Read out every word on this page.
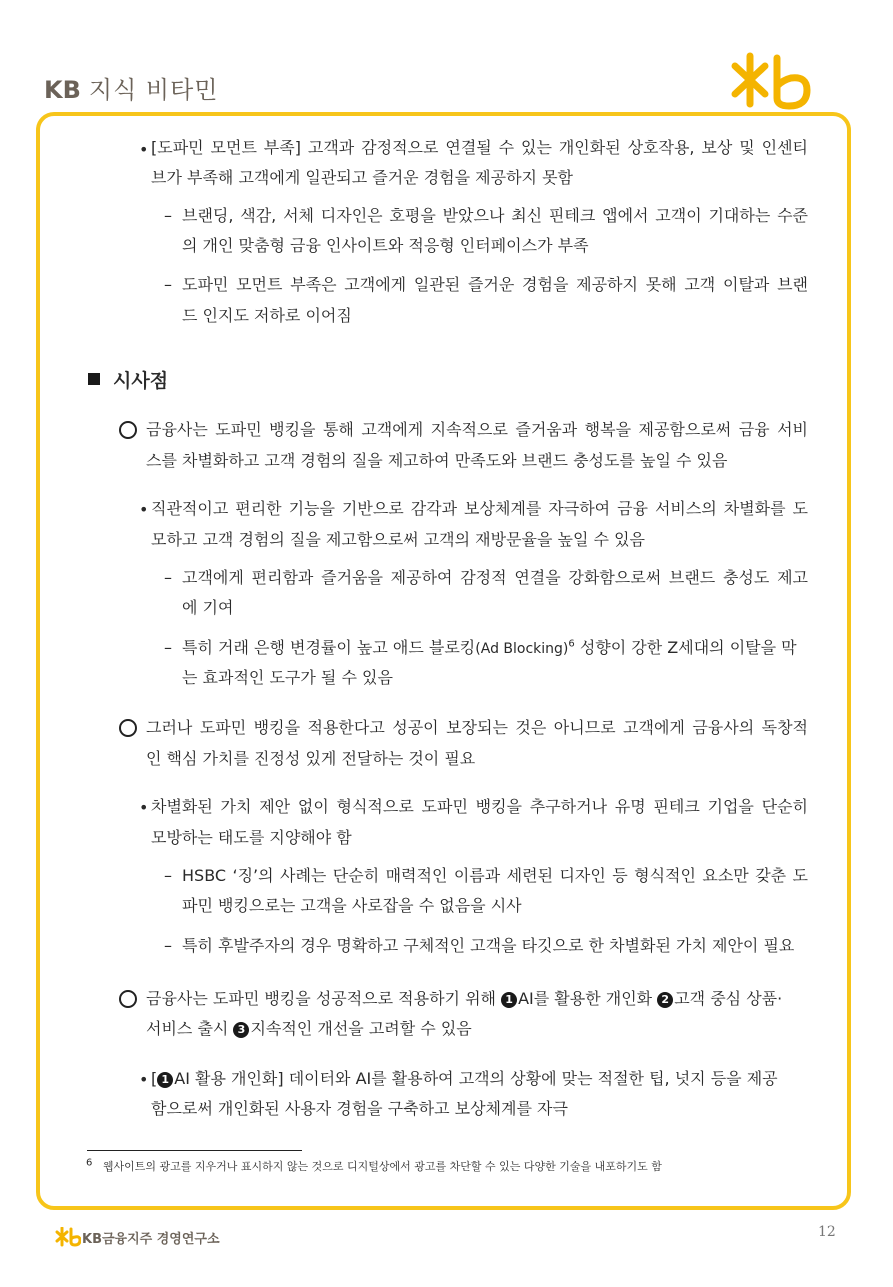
KB 지식 비타민
• [도파민 모먼트 부족] 고객과 감정적으로 연결될 수 있는 개인화된 상호작용, 보상 및 인센티
브가 부족해 고객에게 일관되고 즐거운 경험을 제공하지 못함
– 브랜딩, 색감, 서체 디자인은 호평을 받았으나 최신 핀테크 앱에서 고객이 기대하는 수준
의 개인 맞춤형 금융 인사이트와 적응형 인터페이스가 부족
– 도파민 모먼트 부족은 고객에게 일관된 즐거운 경험을 제공하지 못해 고객 이탈과 브랜
드 인지도 저하로 이어짐
시사점
금융사는 도파민 뱅킹을 통해 고객에게 지속적으로 즐거움과 행복을 제공함으로써 금융 서비
스를 차별화하고 고객 경험의 질을 제고하여 만족도와 브랜드 충성도를 높일 수 있음
• 직관적이고 편리한 기능을 기반으로 감각과 보상체계를 자극하여 금융 서비스의 차별화를 도
모하고 고객 경험의 질을 제고함으로써 고객의 재방문율을 높일 수 있음
– 고객에게 편리함과 즐거움을 제공하여 감정적 연결을 강화함으로써 브랜드 충성도 제고
에 기여
– 특히 거래 은행 변경률이 높고 애드 블로킹(Ad Blocking)$^6$ 성향이 강한 Z세대의 이탈을 막
는 효과적인 도구가 될 수 있음
그러나 도파민 뱅킹을 적용한다고 성공이 보장되는 것은 아니므로 고객에게 금융사의 독창적
인 핵심 가치를 진정성 있게 전달하는 것이 필요
• 차별화된 가치 제안 없이 형식적으로 도파민 뱅킹을 추구하거나 유명 핀테크 기업을 단순히
모방하는 태도를 지양해야 함
– HSBC ‘징’의 사례는 단순히 매력적인 이름과 세련된 디자인 등 형식적인 요소만 갖춘 도
파민 뱅킹으로는 고객을 사로잡을 수 없음을 시사
– 특히 후발주자의 경우 명확하고 구체적인 고객을 타깃으로 한 차별화된 가치 제안이 필요
금융사는 도파민 뱅킹을 성공적으로 적용하기 위해 1 AI를 활용한 개인화 2 고객 중심 상품·
서비스 출시 3 지속적인 개선을 고려할 수 있음
• [ 1 AI 활용 개인화] 데이터와 AI를 활용하여 고객의 상황에 맞는 적절한 팁, 넛지 등을 제공
함으로써 개인화된 사용자 경험을 구축하고 보상체계를 자극
6 웹사이트의 광고를 지우거나 표시하지 않는 것으로 디지털상에서 광고를 차단할 수 있는 다양한 기술을 내포하기도 함
KB금융지주 경영연구소	12
